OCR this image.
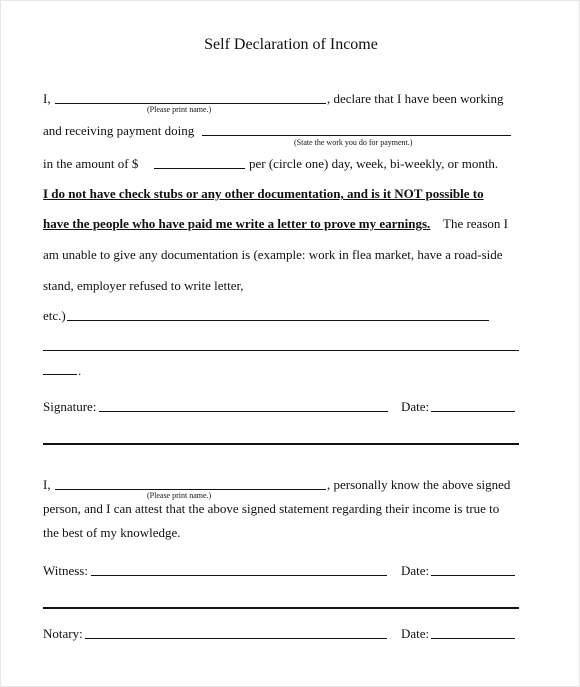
Self Declaration of Income
I,
(Please print name.)
, declare that I have been working
and receiving payment doing
(State the work you do for payment.)
in the amount of $	per (circle one) day, week, bi-weekly, or month.
I do not have check stubs or any other documentation, and is it NOT possible to
have the people who have paid me write a letter to prove my earnings. The reason I
am unable to give any documentation is (example: work in flea market, have a road-side
stand, employer refused to write letter,
etc.)
.
Signature:	Date:
I,
(Please print name.)
, personally know the above signed
person, and I can attest that the above signed statement regarding their income is true to
the best of my knowledge.
Witness:	Date:
Notary:	Date:
